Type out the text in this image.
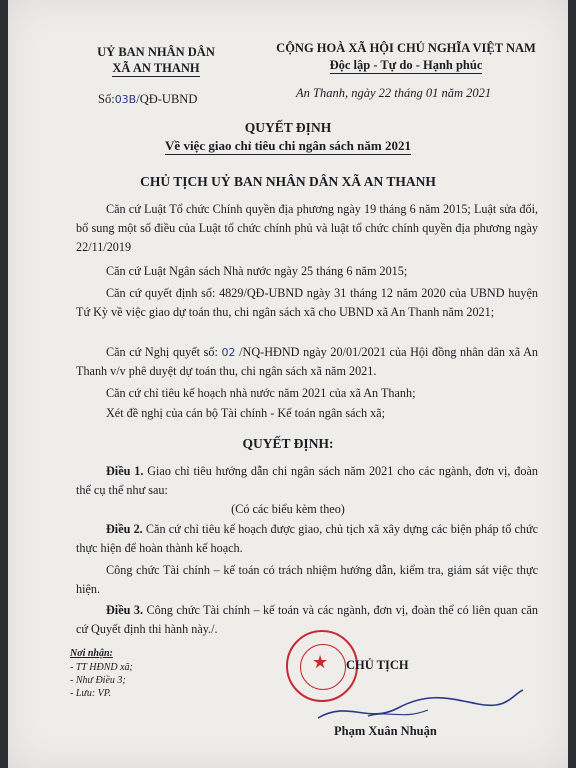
UỶ BAN NHÂN DÂN
XÃ AN THANH
CỘNG HOÀ XÃ HỘI CHỦ NGHĨA VIỆT NAM
Độc lập - Tự do - Hạnh phúc
Số:03B/QĐ-UBND	An Thanh, ngày 22 tháng 01 năm 2021
QUYẾT ĐỊNH
Về việc giao chỉ tiêu chi ngân sách năm 2021
CHỦ TỊCH UỶ BAN NHÂN DÂN XÃ AN THANH
Căn cứ Luật Tổ chức Chính quyền địa phương ngày 19 tháng 6 năm 2015; Luật sửa đổi, bổ sung một số điều của Luật tổ chức chính phủ và luật tổ chức chính quyền địa phương ngày 22/11/2019
Căn cứ Luật Ngân sách Nhà nước ngày 25 tháng 6 năm 2015;
Căn cứ quyết định số: 4829/QĐ-UBND ngày 31 tháng 12 năm 2020 của UBND huyện Tứ Kỳ về việc giao dự toán thu, chi ngân sách xã cho UBND xã An Thanh năm 2021;
Căn cứ Nghị quyết số: 02 /NQ-HĐND ngày 20/01/2021 của Hội đồng nhân dân xã An Thanh v/v phê duyệt dự toán thu, chi ngân sách xã năm 2021.
Căn cứ chỉ tiêu kế hoạch nhà nước năm 2021 của xã An Thanh;
Xét đề nghị của cán bộ Tài chính - Kế toán ngân sách xã;
QUYẾT ĐỊNH:
Điều 1. Giao chỉ tiêu hướng dẫn chi ngân sách năm 2021 cho các ngành, đơn vị, đoàn thể cụ thể như sau:
(Có các biểu kèm theo)
Điều 2. Căn cứ chỉ tiêu kế hoạch được giao, chủ tịch xã xây dựng các biện pháp tổ chức thực hiện để hoàn thành kế hoạch.
Công chức Tài chính – kế toán có trách nhiệm hướng dẫn, kiểm tra, giám sát việc thực hiện.
Điều 3. Công chức Tài chính – kế toán và các ngành, đơn vị, đoàn thể có liên quan căn cứ Quyết định thi hành này./.
Nơi nhận:
- TT HĐND xã;
- Như Điều 3;
- Lưu: VP.
★ CHỦ TỊCH
Phạm Xuân Nhuận
